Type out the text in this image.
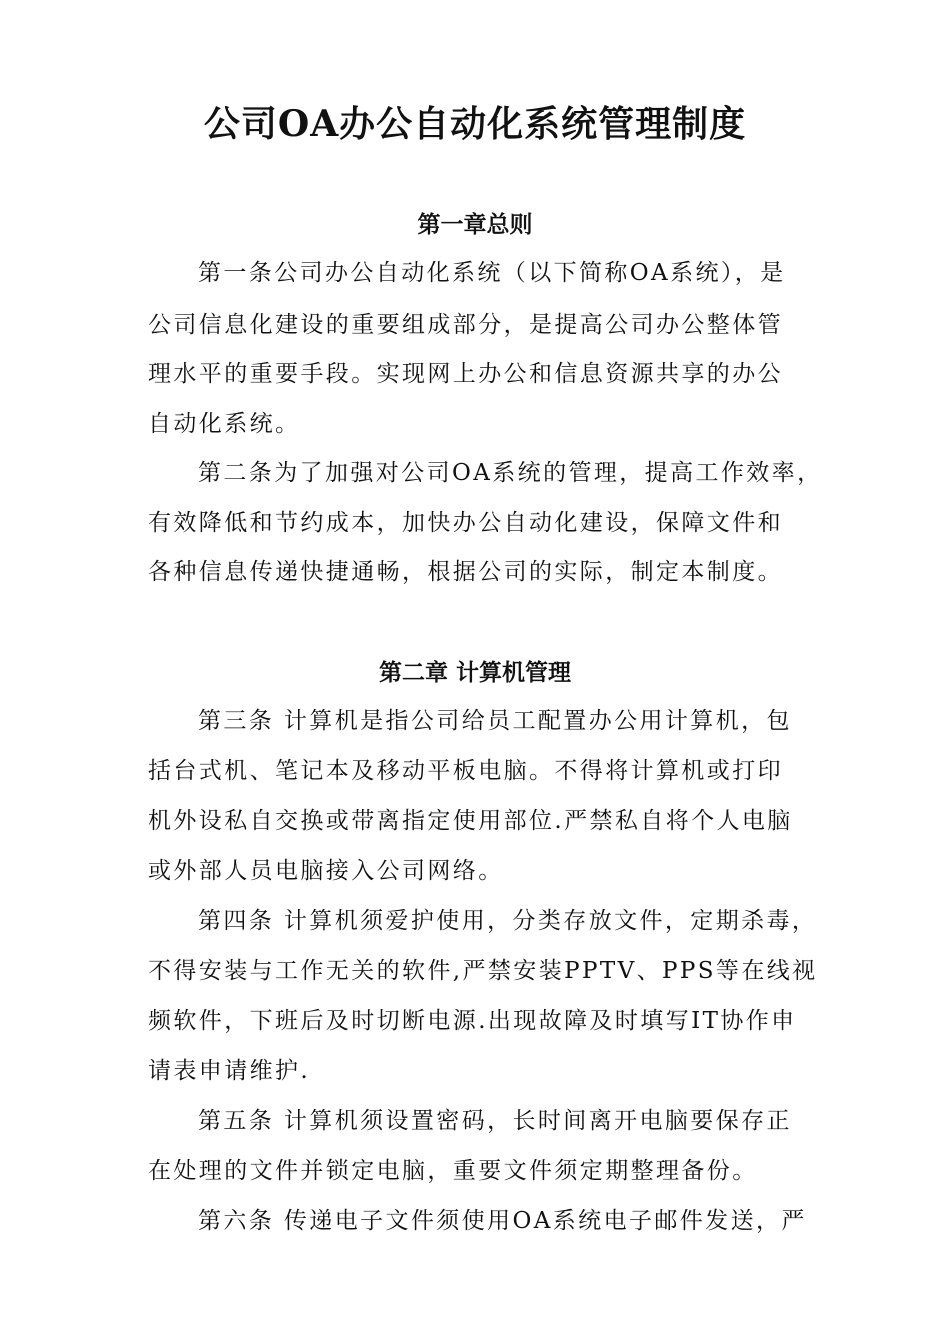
公司OA办公自动化系统管理制度
第一章总则
第一条公司办公自动化系统（以下简称OA系统），是
公司信息化建设的重要组成部分，是提高公司办公整体管
理水平的重要手段。实现网上办公和信息资源共享的办公
自动化系统。
第二条为了加强对公司OA系统的管理，提高工作效率，
有效降低和节约成本，加快办公自动化建设，保障文件和
各种信息传递快捷通畅，根据公司的实际，制定本制度。
第二章 计算机管理
第三条 计算机是指公司给员工配置办公用计算机，包
括台式机、笔记本及移动平板电脑。不得将计算机或打印
机外设私自交换或带离指定使用部位.严禁私自将个人电脑
或外部人员电脑接入公司网络。
第四条 计算机须爱护使用，分类存放文件，定期杀毒，
不得安装与工作无关的软件,严禁安装PPTV、PPS等在线视
频软件，下班后及时切断电源.出现故障及时填写IT协作申
请表申请维护.
第五条 计算机须设置密码，长时间离开电脑要保存正
在处理的文件并锁定电脑，重要文件须定期整理备份。
第六条 传递电子文件须使用OA系统电子邮件发送，严
